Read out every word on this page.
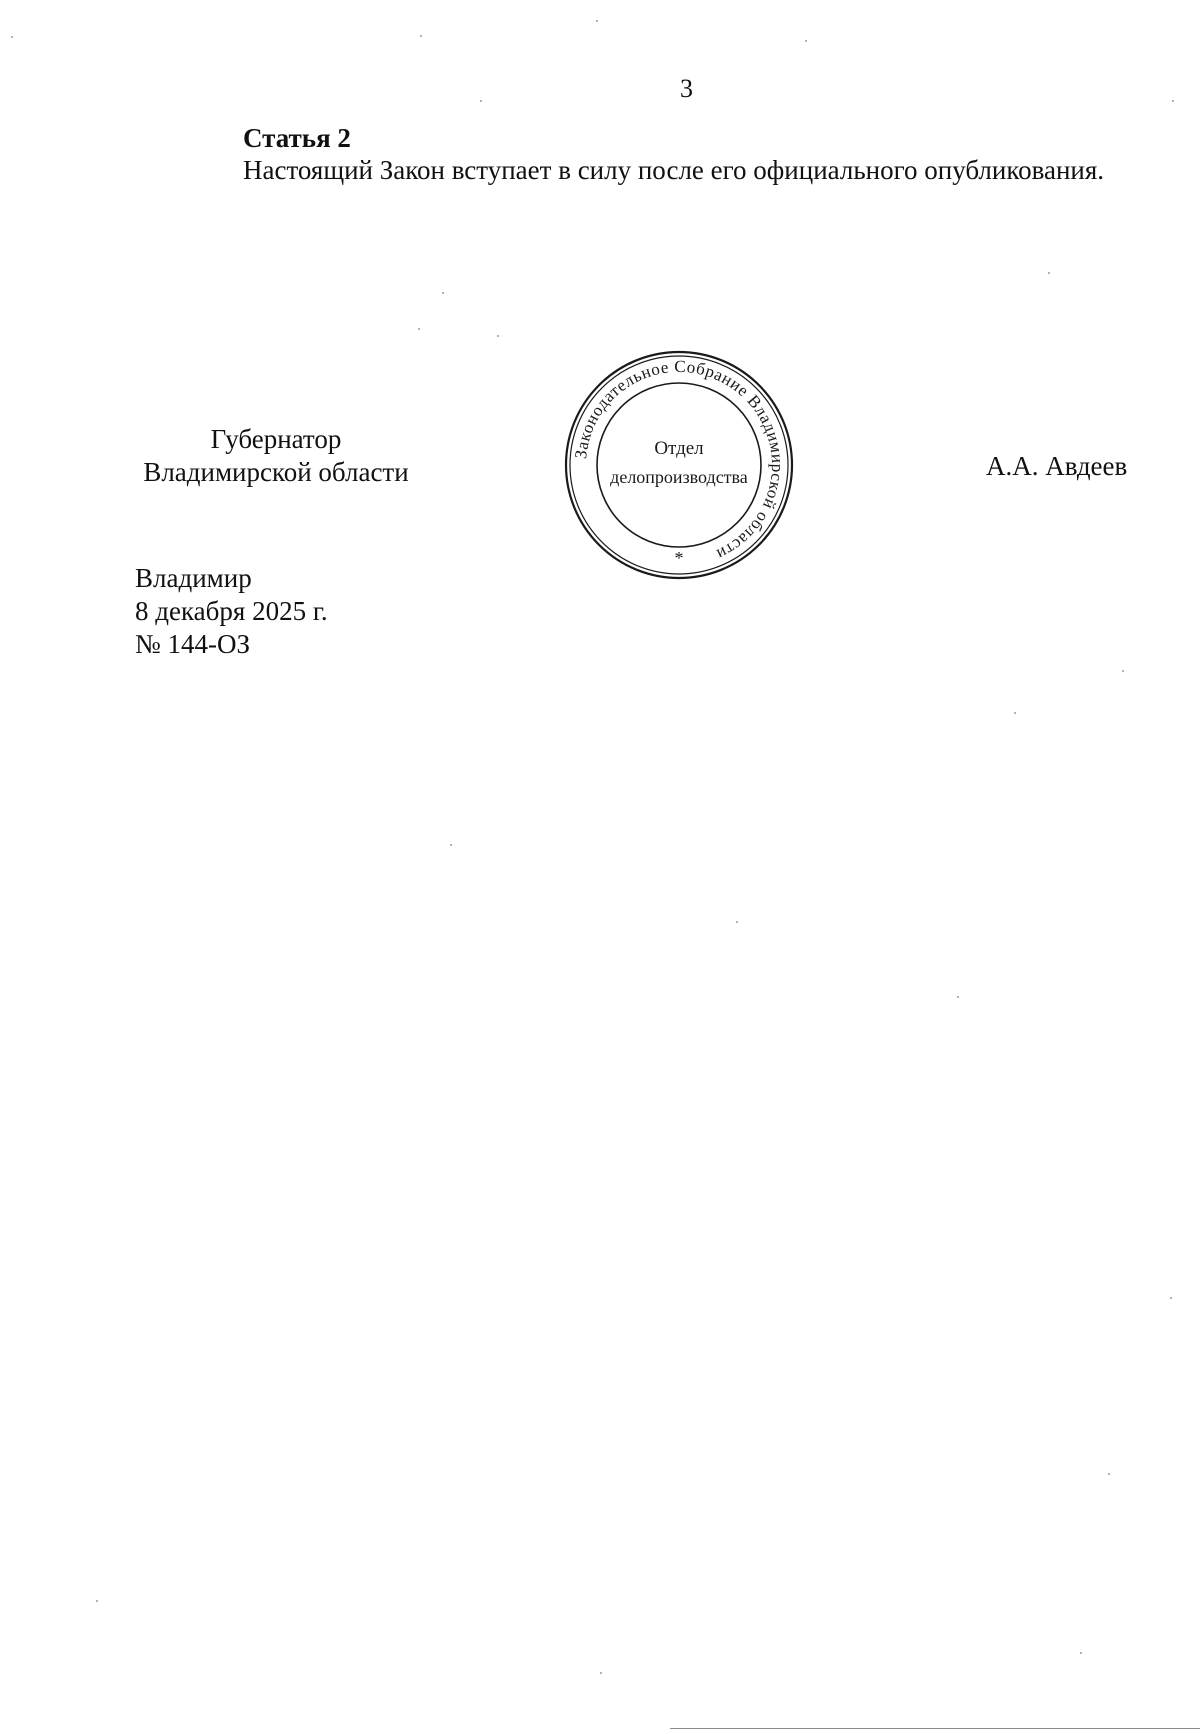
3
Статья 2

Настоящий Закон вступает в силу после его официального опубликования.

Губернатор
Владимирской области
Законодательное Собрание Владимирской области
Отдел
делопроизводства
*
А.А. Авдеев
Владимир
8 декабря 2025 г.
№ 144-ОЗ
